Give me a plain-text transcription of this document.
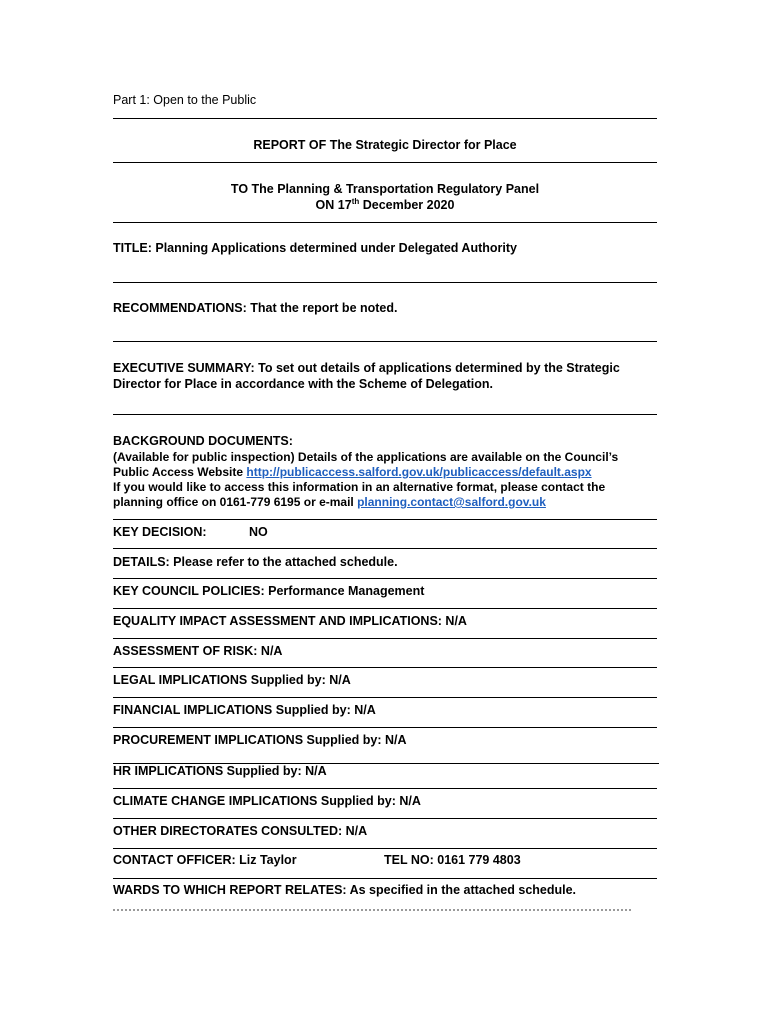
Part 1: Open to the Public
REPORT OF The Strategic Director for Place
TO The Planning & Transportation Regulatory Panel
ON 17th December 2020
TITLE: Planning Applications determined under Delegated Authority
RECOMMENDATIONS: That the report be noted.
EXECUTIVE SUMMARY: To set out details of applications determined by the Strategic
Director for Place in accordance with the Scheme of Delegation.
BACKGROUND DOCUMENTS:
(Available for public inspection) Details of the applications are available on the Council’s
Public Access Website http://publicaccess.salford.gov.uk/publicaccess/default.aspx
If you would like to access this information in an alternative format, please contact the
planning office on 0161-779 6195 or e-mail planning.contact@salford.gov.uk
KEY DECISION:	NO
DETAILS: Please refer to the attached schedule.
KEY COUNCIL POLICIES: Performance Management
EQUALITY IMPACT ASSESSMENT AND IMPLICATIONS: N/A
ASSESSMENT OF RISK: N/A
LEGAL IMPLICATIONS Supplied by: N/A
FINANCIAL IMPLICATIONS Supplied by: N/A
PROCUREMENT IMPLICATIONS Supplied by: N/A
HR IMPLICATIONS Supplied by: N/A
CLIMATE CHANGE IMPLICATIONS Supplied by: N/A
OTHER DIRECTORATES CONSULTED: N/A
CONTACT OFFICER: Liz Taylor	TEL NO: 0161 779 4803
WARDS TO WHICH REPORT RELATES: As specified in the attached schedule.
